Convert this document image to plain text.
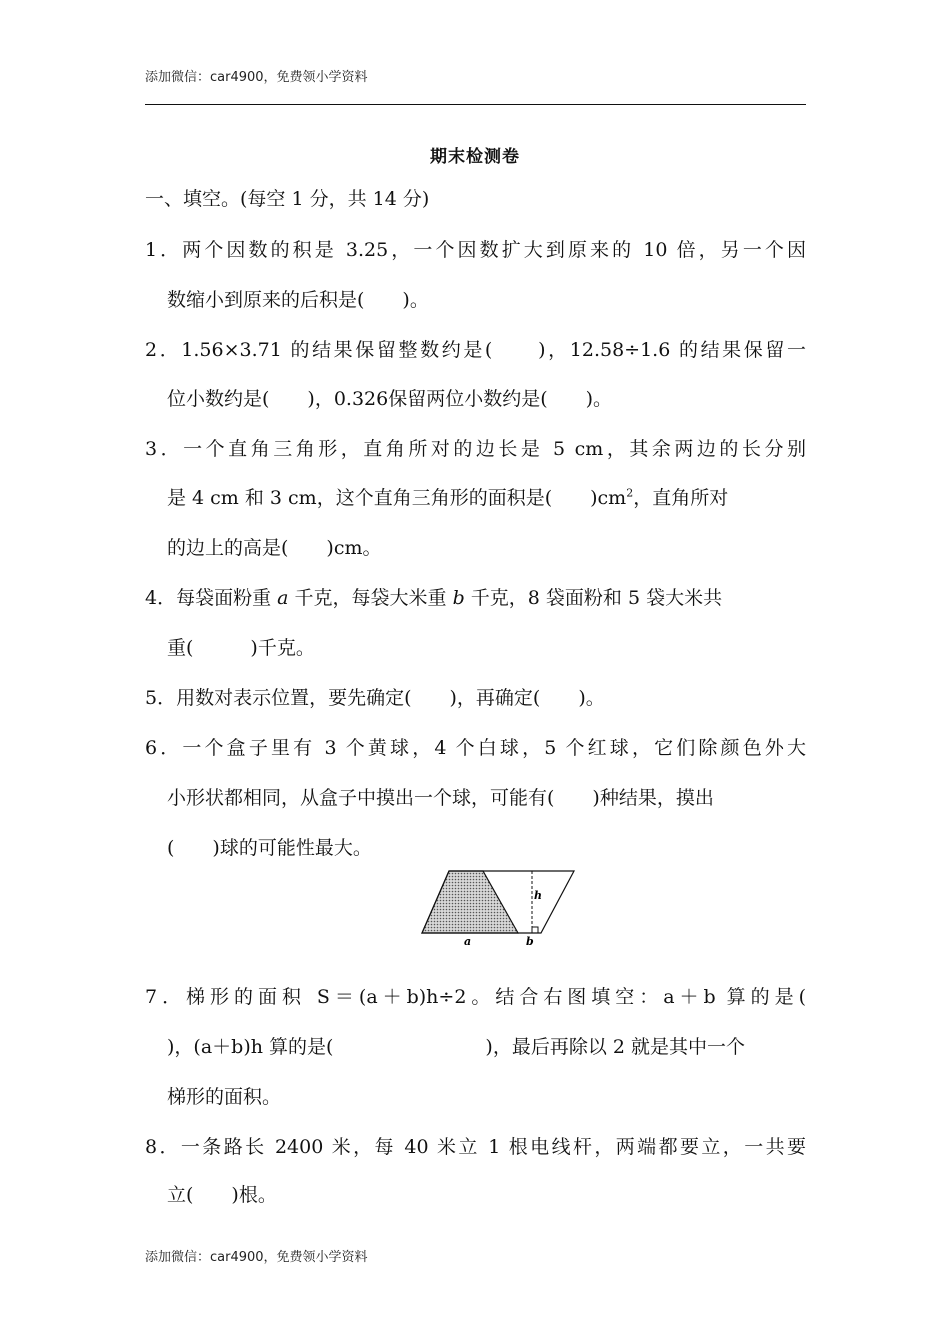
添加微信：car4900，免费领小学资料
期末检测卷
一、填空。(每空 1 分，共 14 分)
1．两个因数的积是 3.25，一个因数扩大到原来的 10 倍，另一个因
数缩小到原来的后积是(　　)。
2．1.56×3.71 的结果保留整数约是(　　)，12.58÷1.6 的结果保留一
位小数约是(　　)，0.326保留两位小数约是(　　)。
3．一个直角三角形，直角所对的边长是 5 cm，其余两边的长分别
是 4 cm 和 3 cm，这个直角三角形的面积是(　　)$cm^2$，直角所对
的边上的高是(　　)cm。
4．每袋面粉重 a 千克，每袋大米重 b 千克，8 袋面粉和 5 袋大米共
重(　　　)千克。
5．用数对表示位置，要先确定(　　)，再确定(　　)。
6．一个盒子里有 3 个黄球，4 个白球，5 个红球，它们除颜色外大
小形状都相同，从盒子中摸出一个球，可能有(　　)种结果，摸出
(　　)球的可能性最大。
a	b
h
7．梯形的面积 S＝(a＋b)h÷2。结合右图填空：a＋b 算的是(
)，(a＋b)h 算的是(　　　　　　　　)，最后再除以 2 就是其中一个
梯形的面积。
8．一条路长 2400 米，每 40 米立 1 根电线杆，两端都要立，一共要
立(　　)根。
添加微信：car4900，免费领小学资料
